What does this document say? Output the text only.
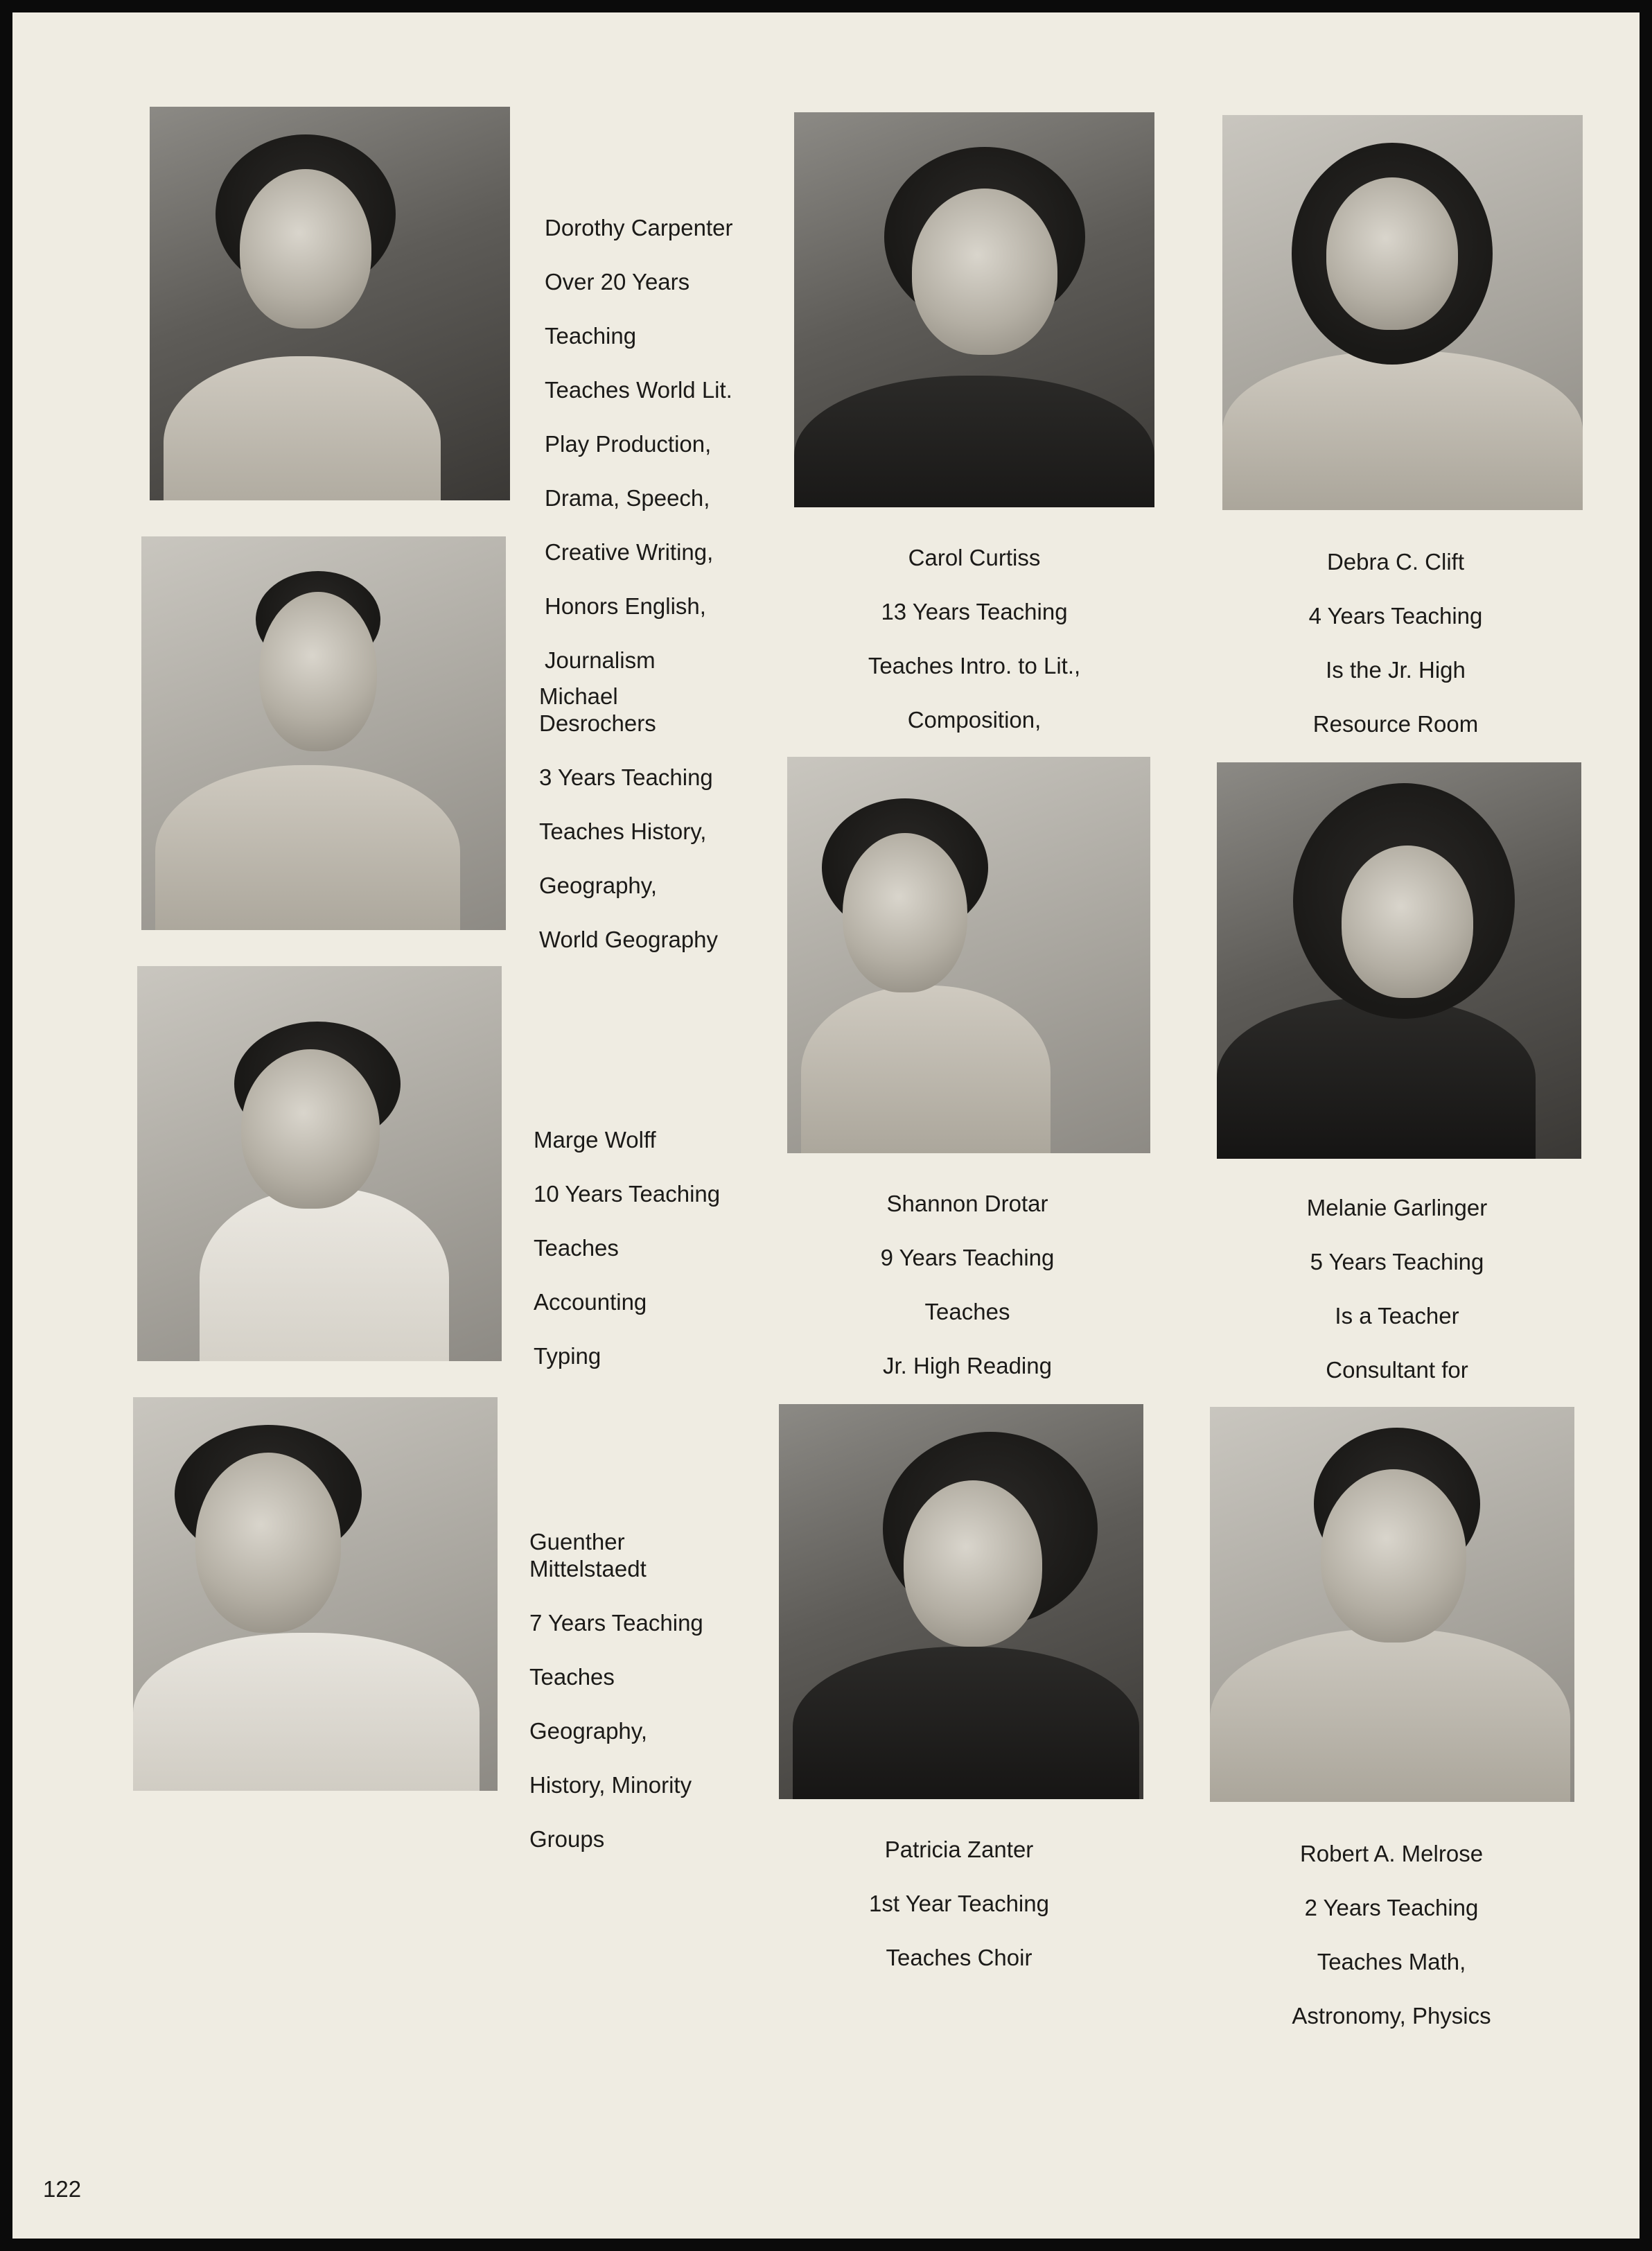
Dorothy Carpenter

Over 20 Years

Teaching

Teaches World Lit.

Play Production,

Drama, Speech,

Creative Writing,

Honors English,

Journalism

Carol Curtiss

13 Years Teaching

Teaches Intro. to Lit.,

Composition,

Debra C. Clift

4 Years Teaching

Is the Jr. High

Resource Room

Michael
Desrochers

3 Years Teaching

Teaches History,

Geography,

World Geography

Shannon Drotar

9 Years Teaching

Teaches

Jr. High Reading

Melanie Garlinger

5 Years Teaching

Is a Teacher

Consultant for

Marge Wolff

10 Years Teaching

Teaches

Accounting

Typing

Guenther
Mittelstaedt

7 Years Teaching

Teaches

Geography,

History, Minority

Groups	Patricia Zanter

1st Year Teaching

Teaches Choir

Robert A. Melrose

2 Years Teaching

Teaches Math,

Astronomy, Physics

122
